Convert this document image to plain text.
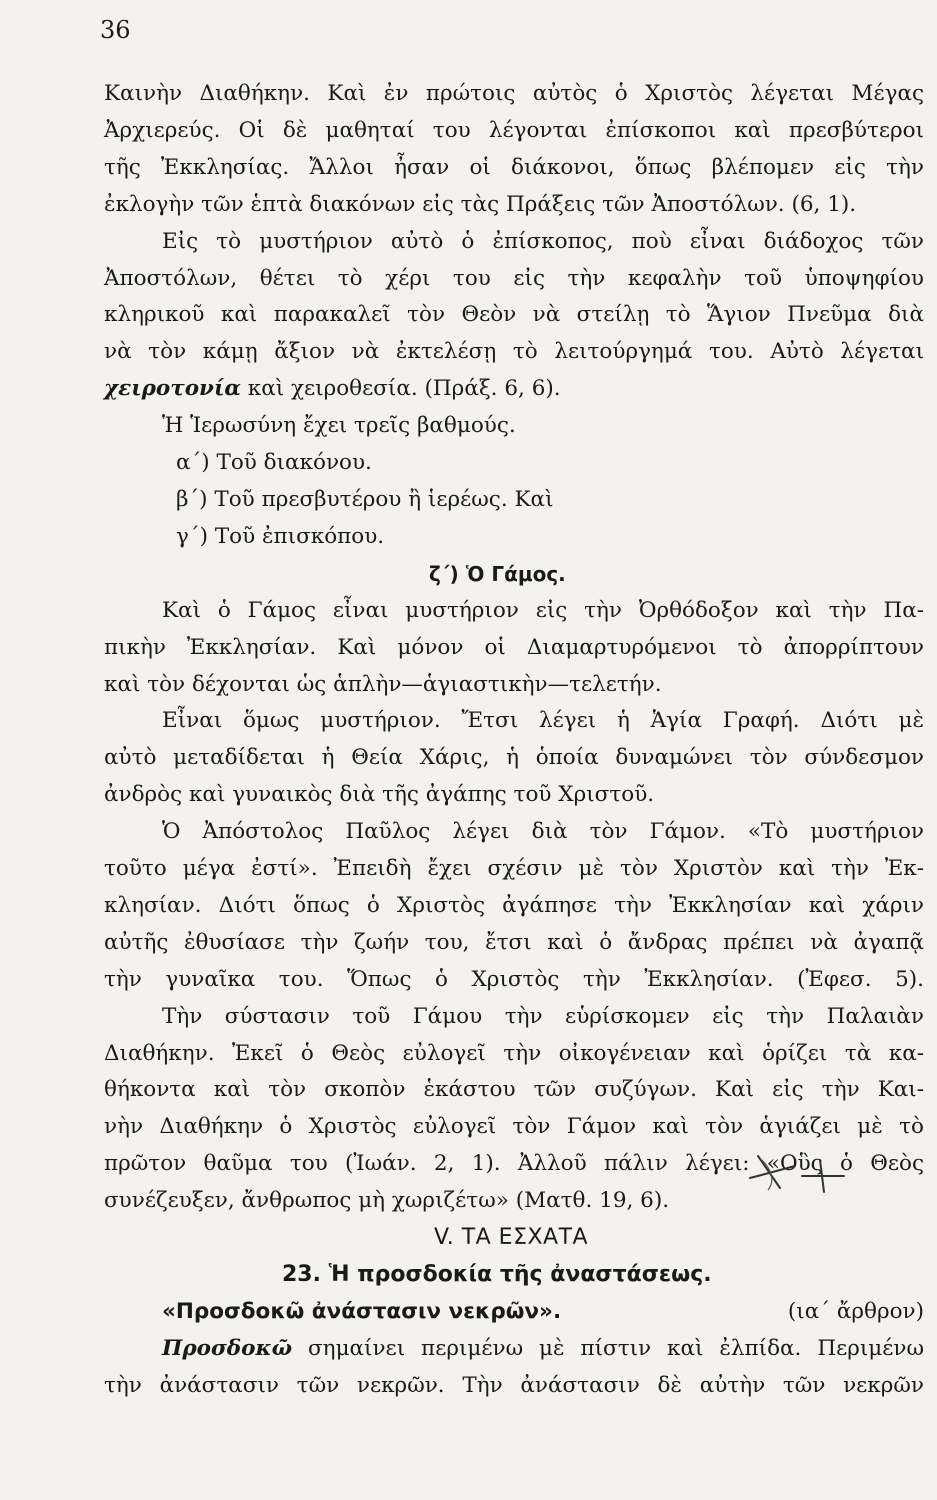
36
Καινὴν Διαθήκην. Καὶ ἐν πρώτοις αὐτὸς ὁ Χριστὸς λέγεται Μέγας
Ἀρχιερεύς. Οἱ δὲ μαθηταί του λέγονται ἐπίσκοποι καὶ πρεσβύτεροι
τῆς Ἐκκλησίας. Ἄλλοι ἦσαν οἱ διάκονοι, ὅπως βλέπομεν εἰς τὴν
ἐκλογὴν τῶν ἑπτὰ διακόνων εἰς τὰς Πράξεις τῶν Ἀποστόλων. (6, 1).
Εἰς τὸ μυστήριον αὐτὸ ὁ ἐπίσκοπος, ποὺ εἶναι διάδοχος τῶν
Ἀποστόλων, θέτει τὸ χέρι του εἰς τὴν κεφαλὴν τοῦ ὑποψηφίου
κληρικοῦ καὶ παρακαλεῖ τὸν Θεὸν νὰ στείλῃ τὸ Ἅγιον Πνεῦμα διὰ
νὰ τὸν κάμῃ ἄξιον νὰ ἐκτελέσῃ τὸ λειτούργημά του. Αὐτὸ λέγεται
χειροτονία καὶ χειροθεσία. (Πράξ. 6, 6).
Ἡ Ἱερωσύνη ἔχει τρεῖς βαθμούς.
α΄) Τοῦ διακόνου.
β΄) Τοῦ πρεσβυτέρου ἢ ἱερέως. Καὶ
γ΄) Τοῦ ἐπισκόπου.
ζ΄) Ὁ Γάμος.
Καὶ ὁ Γάμος εἶναι μυστήριον εἰς τὴν Ὀρθόδοξον καὶ τὴν Πα-
πικὴν Ἐκκλησίαν. Καὶ μόνον οἱ Διαμαρτυρόμενοι τὸ ἀπορρίπτουν
καὶ τὸν δέχονται ὡς ἁπλὴν—ἁγιαστικὴν—τελετήν.
Εἶναι ὅμως μυστήριον. Ἔτσι λέγει ἡ Ἁγία Γραφή. Διότι μὲ
αὐτὸ μεταδίδεται ἡ Θεία Χάρις, ἡ ὁποία δυναμώνει τὸν σύνδεσμον
ἀνδρὸς καὶ γυναικὸς διὰ τῆς ἀγάπης τοῦ Χριστοῦ.
Ὁ Ἀπόστολος Παῦλος λέγει διὰ τὸν Γάμον. «Τὸ μυστήριον
τοῦτο μέγα ἐστί». Ἐπειδὴ ἔχει σχέσιν μὲ τὸν Χριστὸν καὶ τὴν Ἐκ-
κλησίαν. Διότι ὅπως ὁ Χριστὸς ἀγάπησε τὴν Ἐκκλησίαν καὶ χάριν
αὐτῆς ἐθυσίασε τὴν ζωήν του, ἔτσι καὶ ὁ ἄνδρας πρέπει νὰ ἀγαπᾷ
τὴν γυναῖκα του. Ὅπως ὁ Χριστὸς τὴν Ἐκκλησίαν. (Ἐφεσ. 5).
Τὴν σύστασιν τοῦ Γάμου τὴν εὑρίσκομεν εἰς τὴν Παλαιὰν
Διαθήκην. Ἐκεῖ ὁ Θεὸς εὐλογεῖ τὴν οἰκογένειαν καὶ ὁρίζει τὰ κα-
θήκοντα καὶ τὸν σκοπὸν ἑκάστου τῶν συζύγων. Καὶ εἰς τὴν Και-
νὴν Διαθήκην ὁ Χριστὸς εὐλογεῖ τὸν Γάμον καὶ τὸν ἁγιάζει μὲ τὸ
πρῶτον θαῦμα του (Ἰωάν. 2, 1). Ἀλλοῦ πάλιν λέγει: «Οὓς ὁ Θεὸς
συνέζευξεν, ἄνθρωπος μὴ χωριζέτω» (Ματθ. 19, 6).
V. ΤΑ ΕΣΧΑΤΑ
23. Ἡ προσδοκία τῆς ἀναστάσεως.
«Προσδοκῶ ἀνάστασιν νεκρῶν».	(ια΄ ἄρθρον)
Προσδοκῶ σημαίνει περιμένω μὲ πίστιν καὶ ἐλπίδα. Περιμένω
τὴν ἀνάστασιν τῶν νεκρῶν. Τὴν ἀνάστασιν δὲ αὐτὴν τῶν νεκρῶν
